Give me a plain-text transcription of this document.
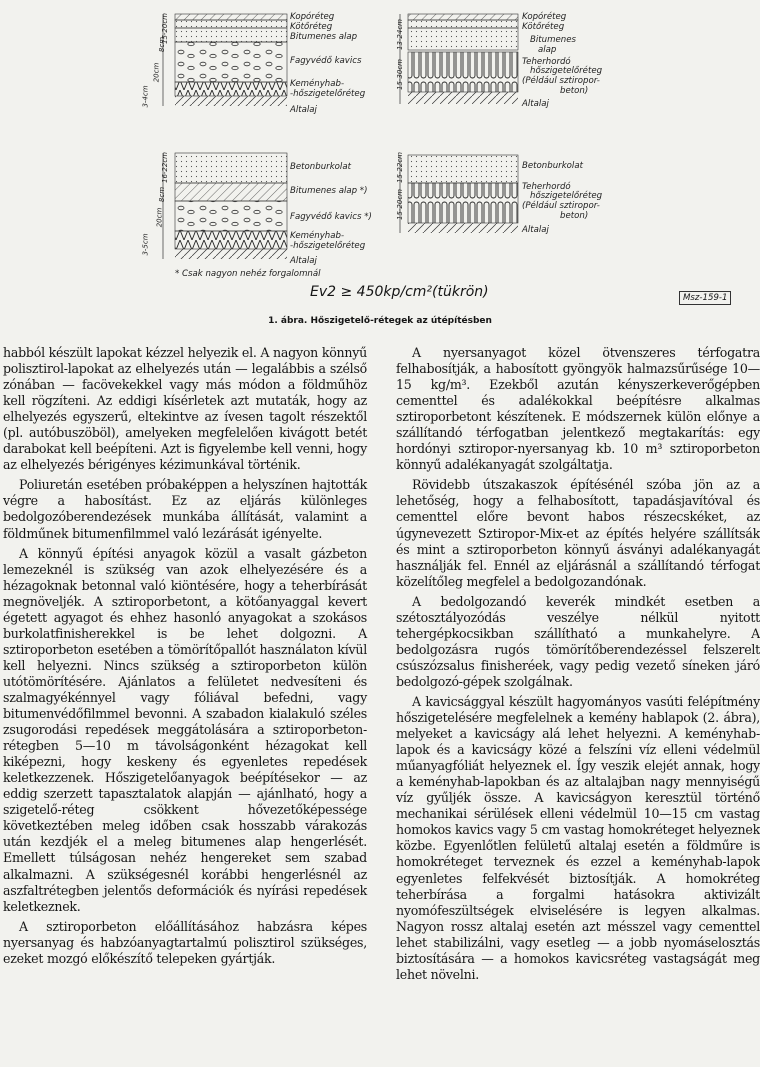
Kopóréteg
Kötőréteg
Bitumenes alap
Fagyvédő kavics
Keményhab-
-hőszigetelőréteg
Altalaj
15-20cm
3-4cm
20cm
8cm
Kopóréteg
Kötőréteg
Bitumenes
alap
Teherhordó
hőszigetelőréteg
(Például sztiropor-
beton)
Altalaj
13-24cm
15-30cm
Betonburkolat
Bitumenes alap *)
Fagyvédő kavics *)
Keményhab-
-hőszigetelőréteg
Altalaj
* Csak nagyon nehéz forgalomnál
16-22cm
8cm
20cm
3-5cm
Betonburkolat
Teherhordó
hőszigetelőréteg
(Például sztiropor-
beton)
Altalaj
15-22cm
15-20cm
Ev2 ≥ 450kp/cm²(tükrön)	Msz-159-1
1. ábra. Hőszigetelő-rétegek az útépítésben

habból készült lapokat kézzel helyezik el. A nagyon könnyű polisztirol-lapokat az elhelyezés után — legalábbis a szélső zónában — facövekekkel vagy más módon a földműhöz kell rögzíteni. Az eddigi kísérletek azt mutaták, hogy az elhelyezés egyszerű, eltekintve az ívesen tagolt részektől (pl. autóbuszöböl), amelyeken megfelelően kivágott betét darabokat kell beépíteni. Azt is figyelembe kell venni, hogy az elhelyezés bérigényes kézimunkával történik.

Poliuretán esetében próbaképpen a helyszínen hajtották végre a habosítást. Ez az eljárás különleges bedolgozóberendezések munkába állítását, valamint a földműnek bitumenfilmmel való lezárását igényelte.

A könnyű építési anyagok közül a vasalt gázbeton lemezeknél is szükség van azok elhelyezésére és a hézagoknak betonnal való kiöntésére, hogy a teherbírását megnöveljék. A sztiroporbetont, a kötőanyaggal kevert égetett agyagot és ehhez hasonló anyagokat a szokásos burkolatfinisherekkel is be lehet dolgozni. A sztiroporbeton esetében a tömörítőpallót használaton kívül kell helyezni. Nincs szükség a sztiroporbeton külön utótömörítésére. Ajánlatos a felületet nedvesíteni és szalmagyékénnyel vagy fóliával befedni, vagy bitumenvédőfilmmel bevonni. A szabadon kialakuló széles zsugorodási repedések meggátolására a sztiroporbeton-rétegben 5—10 m távolságonként hézagokat kell kiképezni, hogy keskeny és egyenletes repedések keletkezzenek. Hőszigetelőanyagok beépítésekor — az eddig szerzett tapasztalatok alapján — ajánlható, hogy a szigetelő-réteg csökkent hővezetőképessége következtében meleg időben csak hosszabb várakozás után kezdjék el a meleg bitumenes alap hengerlését. Emellett túlságosan nehéz hengereket sem szabad alkalmazni. A szükségesnél korábbi hengerlésnél az aszfaltrétegben jelentős deformációk és nyírási repedések keletkeznek.

A sztiroporbeton előállításához habzásra képes nyersanyag és habzóanyagtartalmú polisztirol szükséges, ezeket mozgó előkészítő telepeken gyártják.

A nyersanyagot közel ötvenszeres térfogatra felhabosítják, a habosított gyöngyök halmazsűrűsége 10—15 kg/m³. Ezekből azután kényszerkeverőgépben cementtel és adalékokkal beépítésre alkalmas sztiroporbetont készítenek. E módszernek külön előnye a szállítandó térfogatban jelentkező megtakarítás: egy hordónyi sztiropor-nyersanyag kb. 10 m³ sztiroporbeton könnyű adalékanyagát szolgáltatja.

Rövidebb útszakaszok építésénél szóba jön az a lehetőség, hogy a felhabosított, tapadásjavítóval és cementtel előre bevont habos részecskéket, az úgynevezett Sztiropor-Mix-et az építés helyére szállítsák és mint a sztiroporbeton könnyű ásványi adalékanyagát használják fel. Ennél az eljárásnál a szállítandó térfogat közelítőleg megfelel a bedolgozandónak.

A bedolgozandó keverék mindkét esetben a szétosztályozódás veszélye nélkül nyitott tehergépkocsikban szállítható a munkahelyre. A bedolgozásra rugós tömörítőberendezéssel felszerelt csúszózsalus finisheréek, vagy pedig vezető síneken járó bedolgozó-gépek szolgálnak.

A kavicsággyal készült hagyományos vasúti felépítmény hőszigetelésére megfelelnek a kemény hablapok (2. ábra), melyeket a kavicságy alá lehet helyezni. A keményhab-lapok és a kavicságy közé a felszíni víz elleni védelmül műanyagfóliát helyeznek el. Így veszik elejét annak, hogy a keményhab-lapokban és az altalajban nagy mennyiségű víz gyűljék össze. A kavicságyon keresztül történő mechanikai sérülések elleni védelmül 10—15 cm vastag homokos kavics vagy 5 cm vastag homokréteget helyeznek közbe. Egyenlőtlen felületű altalaj esetén a földműre is homokréteget terveznek és ezzel a keményhab-lapok egyenletes felfekvését biztosítják. A homokréteg teherbírása a forgalmi hatásokra aktivizált nyomófeszültségek elviselésére is legyen alkalmas. Nagyon rossz altalaj esetén azt mésszel vagy cementtel lehet stabilizálni, vagy esetleg — a jobb nyomáselosztás biztosítására — a homokos kavicsréteg vastagságát meg lehet növelni.
